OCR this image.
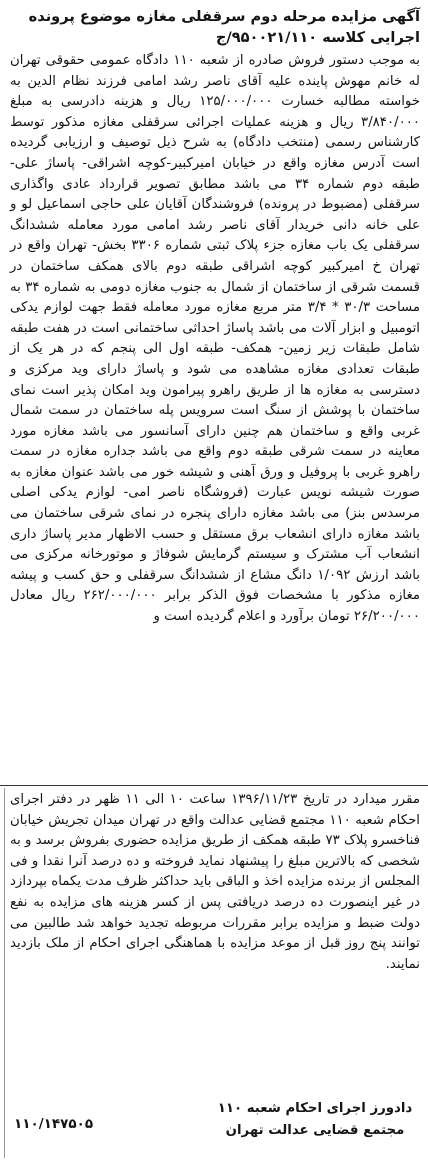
آگهی مزایده مرحله دوم سرقفلی مغازه موضوع پرونده اجرایی کلاسه ۹۵۰۰۲۱/۱۱۰/ج

به موجب دستور فروش صادره از شعبه ۱۱۰ دادگاه عمومی حقوقی تهران له خانم مهوش پاینده علیه آقای ناصر رشد امامی فرزند نظام الدین به خواسته مطالبه خسارت ۱۲۵/۰۰۰/۰۰۰ ریال و هزینه دادرسی به مبلغ ۳/۸۴۰/۰۰۰ ریال و هزینه عملیات اجرائی سرقفلی مغازه مذکور توسط کارشناس رسمی (منتخب دادگاه) به شرح ذیل توصیف و ارزیابی گردیده است آدرس مغازه واقع در خیابان امیرکبیر-کوچه اشراقی- پاساژ علی- طبقه دوم شماره ۳۴ می باشد مطابق تصویر قرارداد عادی واگذاری سرقفلی (مضبوط در پرونده) فروشندگان آقایان علی حاجی اسماعیل لو و علی خانه دانی خریدار آقای ناصر رشد امامی مورد معامله ششدانگ سرقفلی یک باب مغازه جزء پلاک ثبتی شماره ۳۳۰۶ بخش- تهران واقع در تهران خ امیرکبیر کوچه اشراقی طبقه دوم بالای همکف ساختمان در قسمت شرقی از ساختمان از شمال به جنوب مغازه دومی به شماره ۳۴ به مساحت ۳۰/۳ * ۳/۴ متر مربع مغازه مورد معامله فقط جهت لوازم یدکی اتومبیل و ابزار آلات می باشد پاساژ احداثی ساختمانی است در هفت طبقه شامل طبقات زیر زمین- همکف- طبقه اول الی پنجم که در هر یک از طبقات تعدادی مغازه مشاهده می شود و پاساژ دارای وید مرکزی و دسترسی به مغازه ها از طریق راهرو پیرامون وید امکان پذیر است نمای ساختمان با پوشش از سنگ است سرویس پله ساختمان در سمت شمال غربی واقع و ساختمان هم چنین دارای آسانسور می باشد مغازه مورد معاینه در سمت شرقی طبقه دوم واقع می باشد جداره مغازه در سمت راهرو غربی با پروفیل و ورق آهنی و شیشه خور می باشد عنوان مغازه به صورت شیشه نویس عبارت (فروشگاه ناصر امی- لوازم یدکی اصلی مرسدس بنز) می باشد مغازه دارای پنجره در نمای شرقی ساختمان می باشد مغازه دارای انشعاب برق مستقل و حسب الاظهار مدیر پاساژ داری انشعاب آب مشترک و سیستم گرمایش شوفاژ و موتورخانه مرکزی می باشد ارزش ۱/۰۹۲ دانگ مشاع از ششدانگ سرقفلی و حق کسب و پیشه مغازه مذکور با مشخصات فوق الذکر برابر ۲۶۲/۰۰۰/۰۰۰ ریال معادل ۲۶/۲۰۰/۰۰۰ تومان برآورد و اعلام گردیده است و

مقرر میدارد در تاریخ ۱۳۹۶/۱۱/۲۳ ساعت ۱۰ الی ۱۱ ظهر در دفتر اجرای احکام شعبه ۱۱۰ مجتمع قضایی عدالت واقع در تهران میدان تجریش خیابان فناخسرو پلاک ۷۳ طبقه همکف از طریق مزایده حضوری بفروش برسد و به شخصی که بالاترین مبلغ را پیشنهاد نماید فروخته و ده درصد آنرا نقدا و فی المجلس از برنده مزایده اخذ و الباقی باید حداکثر ظرف مدت یکماه بپردازد در غیر اینصورت ده درصد دریافتی پس از کسر هزینه های مزایده به نفع دولت ضبط و مزایده برابر مقررات مربوطه تجدید خواهد شد طالبین می توانند پنج روز قبل از موعد مزایده با هماهنگی اجرای احکام از ملک بازدید نمایند.

دادورز اجرای احکام شعبه ۱۱۰
مجتمع قضایی عدالت تهران
۱۱۰/۱۴۷۵۰۵
